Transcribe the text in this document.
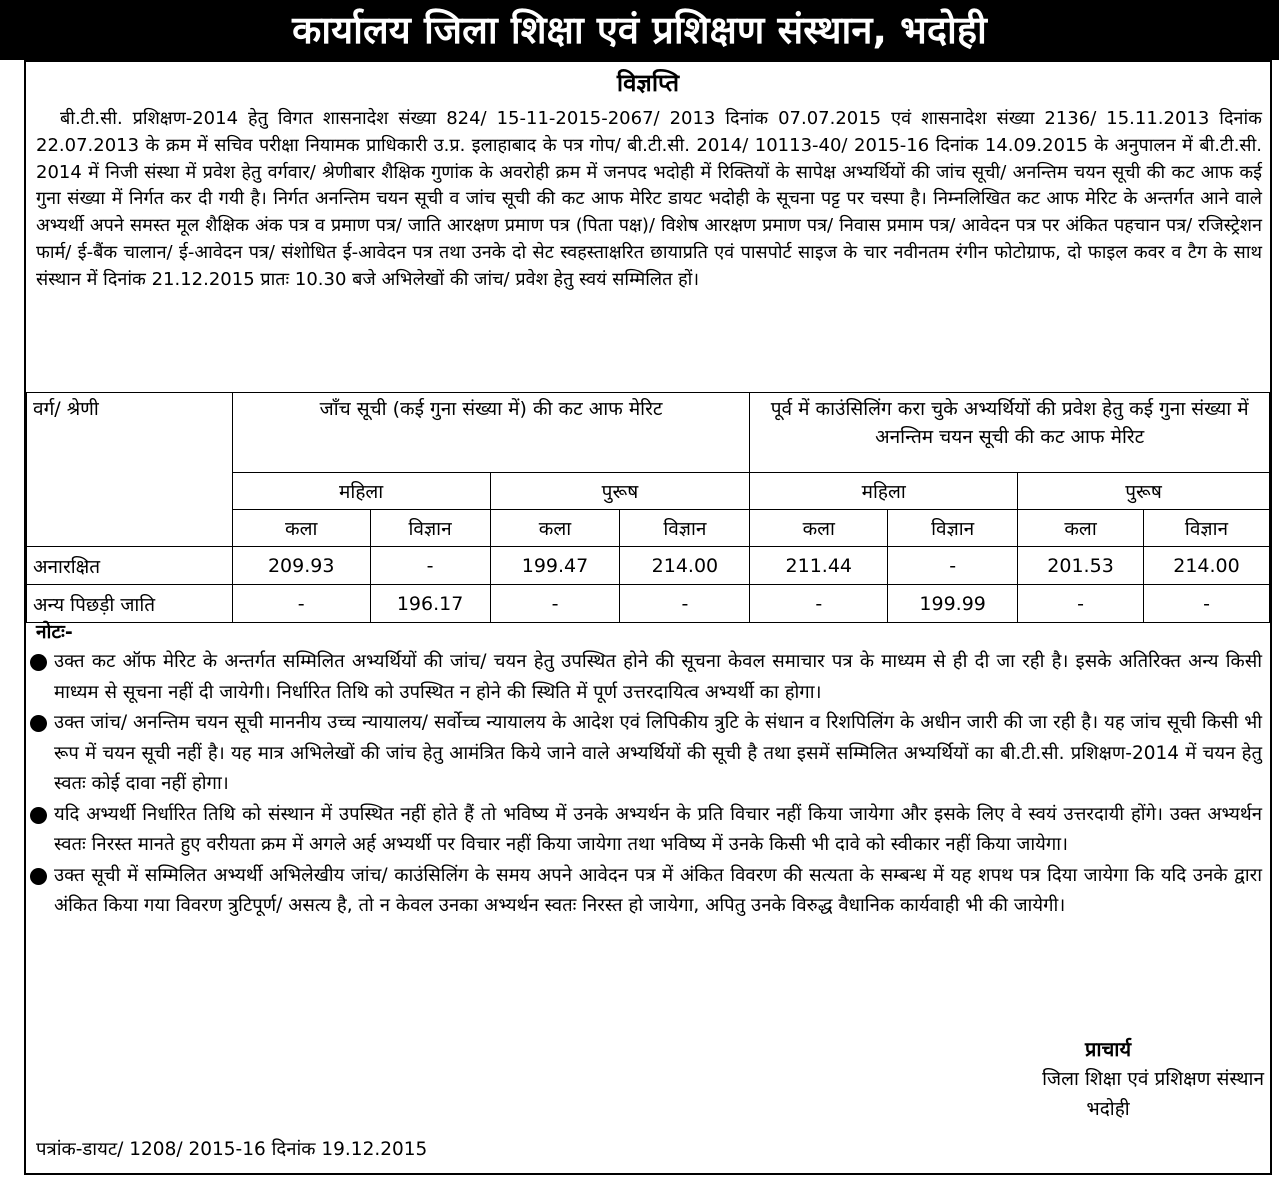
कार्यालय जिला शिक्षा एवं प्रशिक्षण संस्थान, भदोही
विज्ञप्ति
बी.टी.सी. प्रशिक्षण-2014 हेतु विगत शासनादेश संख्या 824/ 15-11-2015-2067/ 2013 दिनांक 07.07.2015 एवं शासनादेश संख्या 2136/ 15.11.2013 दिनांक 22.07.2013 के क्रम में सचिव परीक्षा नियामक प्राधिकारी उ.प्र. इलाहाबाद के पत्र गोप/ बी.टी.सी. 2014/ 10113-40/ 2015-16 दिनांक 14.09.2015 के अनुपालन में बी.टी.सी. 2014 में निजी संस्था में प्रवेश हेतु वर्गवार/ श्रेणीबार शैक्षिक गुणांक के अवरोही क्रम में जनपद भदोही में रिक्तियों के सापेक्ष अभ्यर्थियों की जांच सूची/ अनन्तिम चयन सूची की कट आफ कई गुना संख्या में निर्गत कर दी गयी है। निर्गत अनन्तिम चयन सूची व जांच सूची की कट आफ मेरिट डायट भदोही के सूचना पट्ट पर चस्पा है। निम्नलिखित कट आफ मेरिट के अन्तर्गत आने वाले अभ्यर्थी अपने समस्त मूल शैक्षिक अंक पत्र व प्रमाण पत्र/ जाति आरक्षण प्रमाण पत्र (पिता पक्ष)/ विशेष आरक्षण प्रमाण पत्र/ निवास प्रमाम पत्र/ आवेदन पत्र पर अंकित पहचान पत्र/ रजिस्ट्रेशन फार्म/ ई-बैंक चालान/ ई-आवेदन पत्र/ संशोधित ई-आवेदन पत्र तथा उनके दो सेट स्वहस्ताक्षरित छायाप्रति एवं पासपोर्ट साइज के चार नवीनतम रंगीन फोटोग्राफ, दो फाइल कवर व टैग के साथ संस्थान में दिनांक 21.12.2015 प्रातः 10.30 बजे अभिलेखों की जांच/ प्रवेश हेतु स्वयं सम्मिलित हों।
वर्ग/ श्रेणी	जाँच सूची (कई गुना संख्या में) की कट आफ मेरिट				पूर्व में काउंसिलिंग करा चुके अभ्यर्थियों की प्रवेश हेतु कई गुना संख्या में अनन्तिम चयन सूची की कट आफ मेरिट			
	महिला		पुरूष		महिला		पुरूष	
	कला	विज्ञान	कला	विज्ञान	कला	विज्ञान	कला	विज्ञान
अनारक्षित	209.93	-	199.47	214.00	211.44	-	201.53	214.00
अन्य पिछड़ी जाति	-	196.17	-	-	-	199.99	-	-
नोटः-
उक्त कट ऑफ मेरिट के अन्तर्गत सम्मिलित अभ्यर्थियों की जांच/ चयन हेतु उपस्थित होने की सूचना केवल समाचार पत्र के माध्यम से ही दी जा रही है। इसके अतिरिक्त अन्य किसी माध्यम से सूचना नहीं दी जायेगी। निर्धारित तिथि को उपस्थित न होने की स्थिति में पूर्ण उत्तरदायित्व अभ्यर्थी का होगा।
उक्त जांच/ अनन्तिम चयन सूची माननीय उच्च न्यायालय/ सर्वोच्च न्यायालय के आदेश एवं लिपिकीय त्रुटि के संधान व रिशपिलिंग के अधीन जारी की जा रही है। यह जांच सूची किसी भी रूप में चयन सूची नहीं है। यह मात्र अभिलेखों की जांच हेतु आमंत्रित किये जाने वाले अभ्यर्थियों की सूची है तथा इसमें सम्मिलित अभ्यर्थियों का बी.टी.सी. प्रशिक्षण-2014 में चयन हेतु स्वतः कोई दावा नहीं होगा।
यदि अभ्यर्थी निर्धारित तिथि को संस्थान में उपस्थित नहीं होते हैं तो भविष्य में उनके अभ्यर्थन के प्रति विचार नहीं किया जायेगा और इसके लिए वे स्वयं उत्तरदायी होंगे। उक्त अभ्यर्थन स्वतः निरस्त मानते हुए वरीयता क्रम में अगले अर्ह अभ्यर्थी पर विचार नहीं किया जायेगा तथा भविष्य में उनके किसी भी दावे को स्वीकार नहीं किया जायेगा।
उक्त सूची में सम्मिलित अभ्यर्थी अभिलेखीय जांच/ काउंसिलिंग के समय अपने आवेदन पत्र में अंकित विवरण की सत्यता के सम्बन्ध में यह शपथ पत्र दिया जायेगा कि यदि उनके द्वारा अंकित किया गया विवरण त्रुटिपूर्ण/ असत्य है, तो न केवल उनका अभ्यर्थन स्वतः निरस्त हो जायेगा, अपितु उनके विरुद्ध वैधानिक कार्यवाही भी की जायेगी।
प्राचार्य
जिला शिक्षा एवं प्रशिक्षण संस्थान
भदोही
पत्रांक-डायट/ 1208/ 2015-16 दिनांक 19.12.2015
